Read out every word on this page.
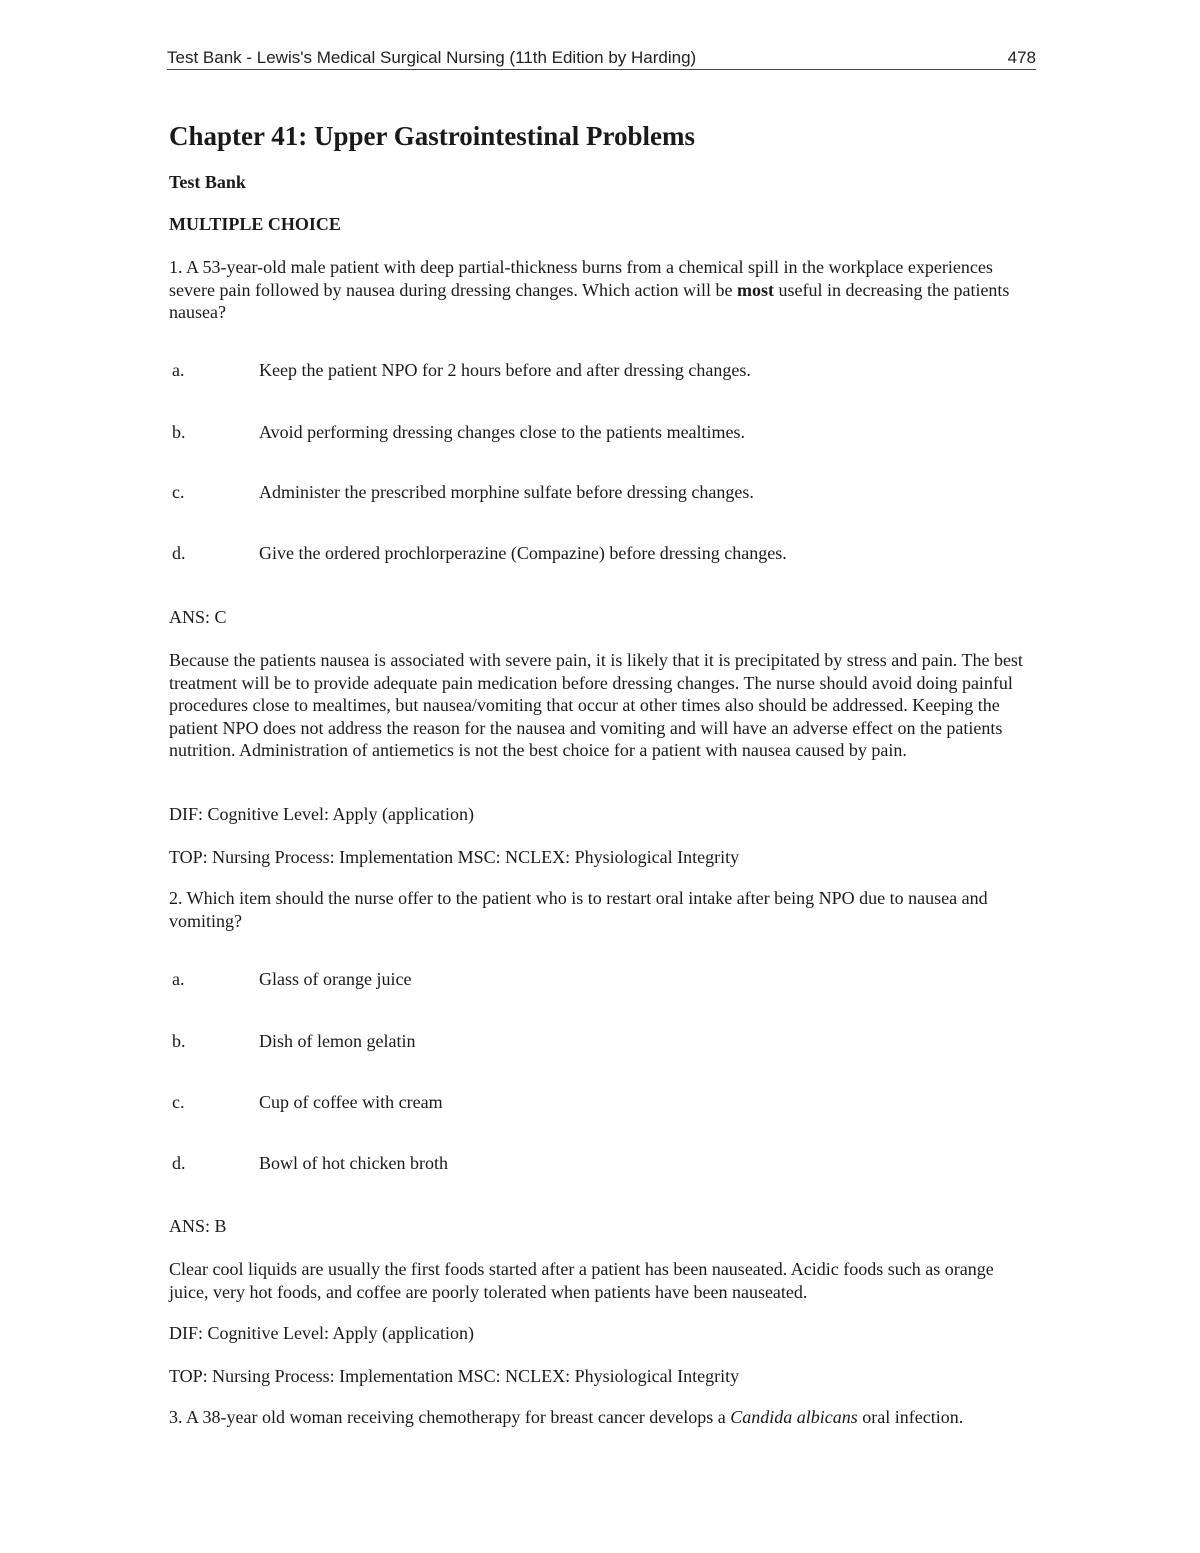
Test Bank - Lewis's Medical Surgical Nursing (11th Edition by Harding)	478
Chapter 41: Upper Gastrointestinal Problems
Test Bank
MULTIPLE CHOICE
1. A 53-year-old male patient with deep partial-thickness burns from a chemical spill in the workplace experiences severe pain followed by nausea during dressing changes. Which action will be most useful in decreasing the patients nausea?
a.	Keep the patient NPO for 2 hours before and after dressing changes.
b.	Avoid performing dressing changes close to the patients mealtimes.
c.	Administer the prescribed morphine sulfate before dressing changes.
d.	Give the ordered prochlorperazine (Compazine) before dressing changes.
ANS: C
Because the patients nausea is associated with severe pain, it is likely that it is precipitated by stress and pain. The best treatment will be to provide adequate pain medication before dressing changes. The nurse should avoid doing painful procedures close to mealtimes, but nausea/vomiting that occur at other times also should be addressed. Keeping the patient NPO does not address the reason for the nausea and vomiting and will have an adverse effect on the patients nutrition. Administration of antiemetics is not the best choice for a patient with nausea caused by pain.
DIF: Cognitive Level: Apply (application)
TOP: Nursing Process: Implementation MSC: NCLEX: Physiological Integrity
2. Which item should the nurse offer to the patient who is to restart oral intake after being NPO due to nausea and vomiting?
a.	Glass of orange juice
b.	Dish of lemon gelatin
c.	Cup of coffee with cream
d.	Bowl of hot chicken broth
ANS: B
Clear cool liquids are usually the first foods started after a patient has been nauseated. Acidic foods such as orange juice, very hot foods, and coffee are poorly tolerated when patients have been nauseated.
DIF: Cognitive Level: Apply (application)
TOP: Nursing Process: Implementation MSC: NCLEX: Physiological Integrity
3. A 38-year old woman receiving chemotherapy for breast cancer develops a Candida albicans oral infection.
